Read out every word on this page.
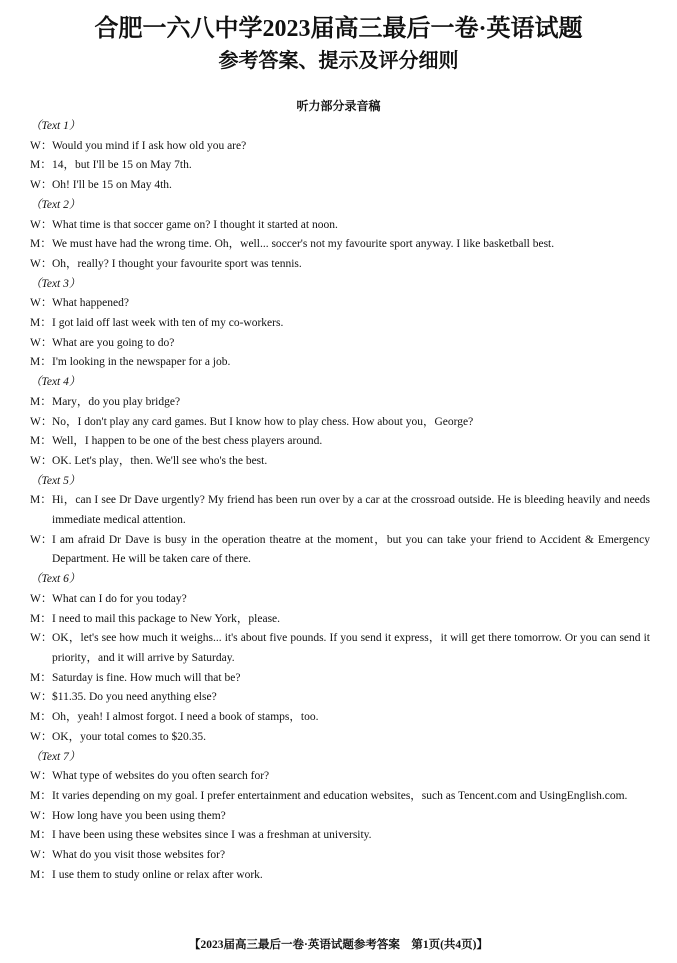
合肥一六八中学2023届高三最后一卷·英语试题
参考答案、提示及评分细则
听力部分录音稿
（Text 1）
W： Would you mind if I ask how old you are?
M： 14，but I'll be 15 on May 7th.
W： Oh! I'll be 15 on May 4th.
（Text 2）
W： What time is that soccer game on? I thought it started at noon.
M： We must have had the wrong time. Oh，well... soccer's not my favourite sport anyway. I like basketball best.
W： Oh，really? I thought your favourite sport was tennis.
（Text 3）
W： What happened?
M： I got laid off last week with ten of my co-workers.
W： What are you going to do?
M： I'm looking in the newspaper for a job.
（Text 4）
M： Mary，do you play bridge?
W： No，I don't play any card games. But I know how to play chess. How about you，George?
M： Well，I happen to be one of the best chess players around.
W： OK. Let's play，then. We'll see who's the best.
（Text 5）
M： Hi，can I see Dr Dave urgently? My friend has been run over by a car at the crossroad outside. He is bleeding heavily and needs immediate medical attention.
W： I am afraid Dr Dave is busy in the operation theatre at the moment，but you can take your friend to Accident & Emergency Department. He will be taken care of there.
（Text 6）
W： What can I do for you today?
M： I need to mail this package to New York，please.
W： OK，let's see how much it weighs... it's about five pounds. If you send it express，it will get there tomorrow. Or you can send it priority，and it will arrive by Saturday.
M： Saturday is fine. How much will that be?
W： $11.35. Do you need anything else?
M： Oh，yeah! I almost forgot. I need a book of stamps，too.
W： OK，your total comes to $20.35.
（Text 7）
W： What type of websites do you often search for?
M： It varies depending on my goal. I prefer entertainment and education websites，such as Tencent.com and UsingEnglish.com.
W： How long have you been using them?
M： I have been using these websites since I was a freshman at university.
W： What do you visit those websites for?
M： I use them to study online or relax after work.
【2023届高三最后一卷·英语试题参考答案　第1页(共4页)】
